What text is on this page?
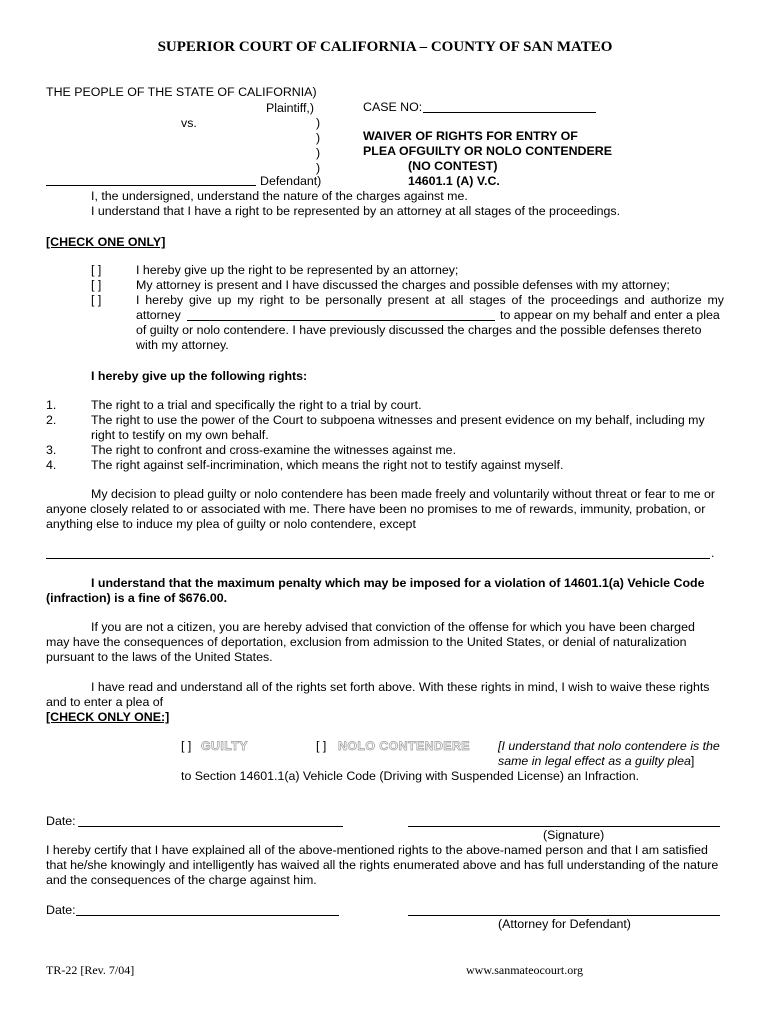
SUPERIOR COURT OF CALIFORNIA – COUNTY OF SAN MATEO
THE PEOPLE OF THE STATE OF CALIFORNIA)
Plaintiff,)
vs.	)
)
)
)
Defendant)
CASE NO:
WAIVER OF RIGHTS FOR ENTRY OF
PLEA OFGUILTY OR NOLO CONTENDERE
(NO CONTEST)
14601.1 (A) V.C.
I, the undersigned, understand the nature of the charges against me.
I understand that I have a right to be represented by an attorney at all stages of the proceedings.
[CHECK ONE ONLY]
[ ]	I hereby give up the right to be represented by an attorney;
[ ]	My attorney is present and I have discussed the charges and possible defenses with my attorney;
[ ]	I hereby give up my right to be personally present at all stages of the proceedings and authorize my
attorney	to appear on my behalf and enter a plea
of guilty or nolo contendere. I have previously discussed the charges and the possible defenses thereto
with my attorney.
I hereby give up the following rights:
1.	The right to a trial and specifically the right to a trial by court.
2.	The right to use the power of the Court to subpoena witnesses and present evidence on my behalf, including my
right to testify on my own behalf.
3.	The right to confront and cross-examine the witnesses against me.
4.	The right against self-incrimination, which means the right not to testify against myself.
My decision to plead guilty or nolo contendere has been made freely and voluntarily without threat or fear to me or
anyone closely related to or associated with me. There have been no promises to me of rewards, immunity, probation, or
anything else to induce my plea of guilty or nolo contendere, except
.
I understand that the maximum penalty which may be imposed for a violation of 14601.1(a) Vehicle Code
(infraction) is a fine of $676.00.
If you are not a citizen, you are hereby advised that conviction of the offense for which you have been charged
may have the consequences of deportation, exclusion from admission to the United States, or denial of naturalization
pursuant to the laws of the United States.
I have read and understand all of the rights set forth above. With these rights in mind, I wish to waive these rights
and to enter a plea of
[CHECK ONLY ONE:]
[ ] GUILTY	[ ] NOLO CONTENDERE [I understand that nolo contendere is the
same in legal effect as a guilty plea]
to Section 14601.1(a) Vehicle Code (Driving with Suspended License) an Infraction.
Date:
(Signature)
I hereby certify that I have explained all of the above-mentioned rights to the above-named person and that I am satisfied
that he/she knowingly and intelligently has waived all the rights enumerated above and has full understanding of the nature
and the consequences of the charge against him.
Date:
(Attorney for Defendant)
TR-22 [Rev. 7/04]	www.sanmateocourt.org
